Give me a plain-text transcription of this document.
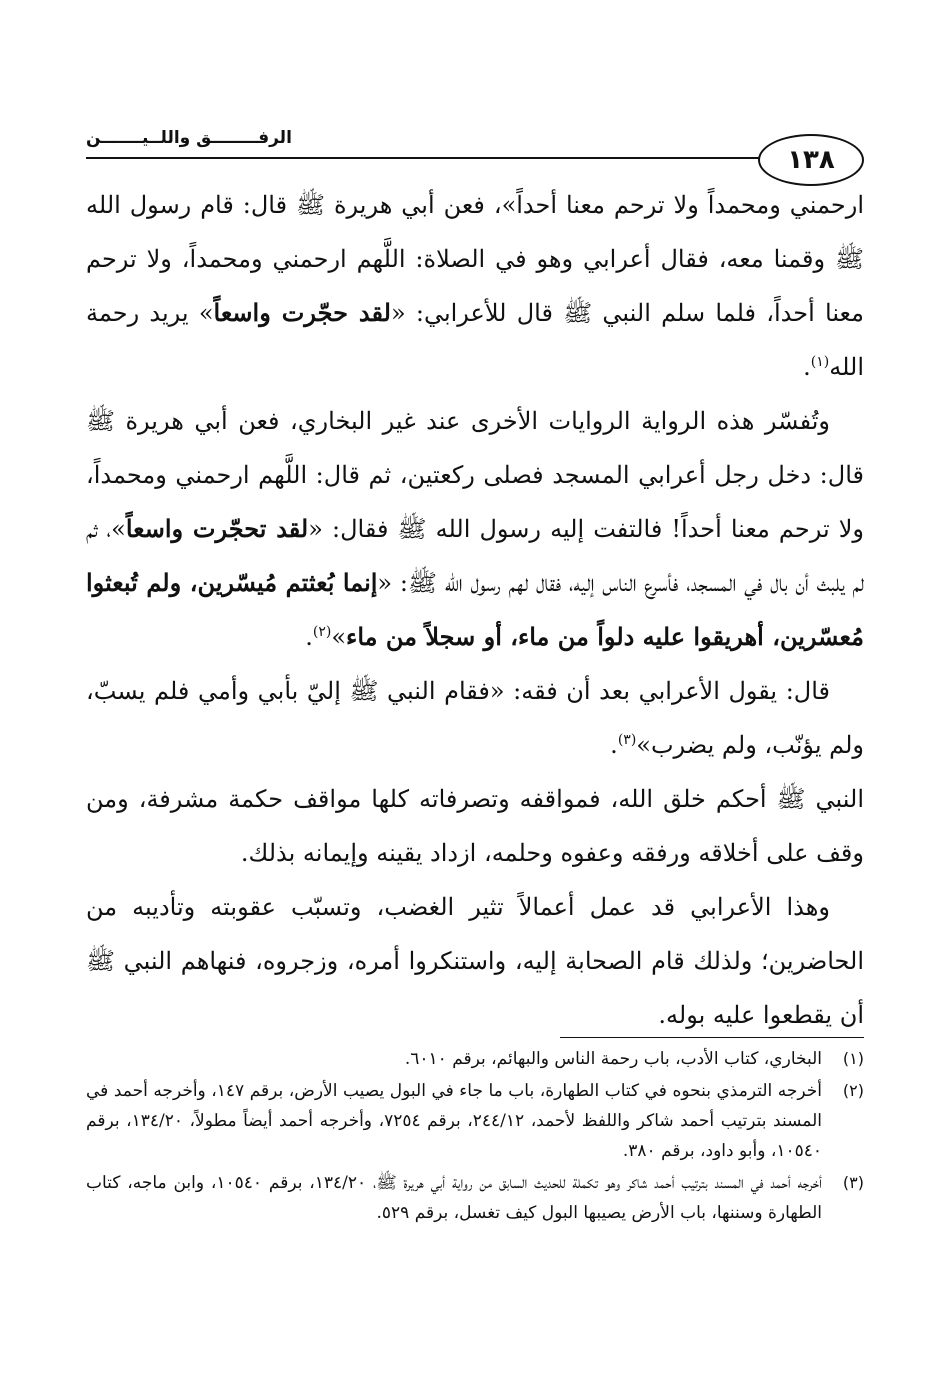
١٣٨
الرفــــــــق واللــيـــــــن

ارحمني ومحمداً ولا ترحم معنا أحداً»، فعن أبي هريرة ﷺ قال: قام رسول الله ﷺ وقمنا معه، فقال أعرابي وهو في الصلاة: اللَّهم ارحمني ومحمداً، ولا ترحم معنا أحداً، فلما سلم النبي ﷺ قال للأعرابي: «لقد حجّرت واسعاً» يريد رحمة الله$^{(١)}$.

وتُفسّر هذه الرواية الروايات الأخرى عند غير البخاري، فعن أبي هريرة ﷺ قال: دخل رجل أعرابي المسجد فصلى ركعتين، ثم قال: اللَّهم ارحمني ومحمداً، ولا ترحم معنا أحداً! فالتفت إليه رسول الله ﷺ فقال: «لقد تحجّرت واسعاً»، ثم لم يلبث أن بال في المسجد، فأسرع الناس إليه، فقال لهم رسول الله ﷺ: «إنما بُعثتم مُيسّرين، ولم تُبعثوا مُعسّرين، أهريقوا عليه دلواً من ماء، أو سجلاً من ماء»$^{(٢)}$.

قال: يقول الأعرابي بعد أن فقه: «فقام النبي ﷺ إليّ بأبي وأمي فلم يسبّ، ولم يؤنّب، ولم يضرب»$^{(٣)}$.

النبي ﷺ أحكم خلق الله، فمواقفه وتصرفاته كلها مواقف حكمة مشرفة، ومن وقف على أخلاقه ورفقه وعفوه وحلمه، ازداد يقينه وإيمانه بذلك.

وهذا الأعرابي قد عمل أعمالاً تثير الغضب، وتسبّب عقوبته وتأديبه من الحاضرين؛ ولذلك قام الصحابة إليه، واستنكروا أمره، وزجروه، فنهاهم النبي ﷺ أن يقطعوا عليه بوله.

(١)
البخاري، كتاب الأدب، باب رحمة الناس والبهائم، برقم ٦٠١٠.
(٢)
أخرجه الترمذي بنحوه في كتاب الطهارة، باب ما جاء في البول يصيب الأرض، برقم ١٤٧، وأخرجه أحمد في المسند بترتيب أحمد شاكر واللفظ لأحمد، ٢٤٤/١٢، برقم ٧٢٥٤، وأخرجه أحمد أيضاً مطولاً، ١٣٤/٢٠، برقم ١٠٥٤٠، وأبو داود، برقم ٣٨٠.
(٣)
أخرجه أحمد في المسند بترتيب أحمد شاكر وهو تكملة للحديث السابق من رواية أبي هريرة ﷺ، ١٣٤/٢٠، برقم ١٠٥٤٠، وابن ماجه، كتاب الطهارة وسننها، باب الأرض يصيبها البول كيف تغسل، برقم ٥٢٩.
